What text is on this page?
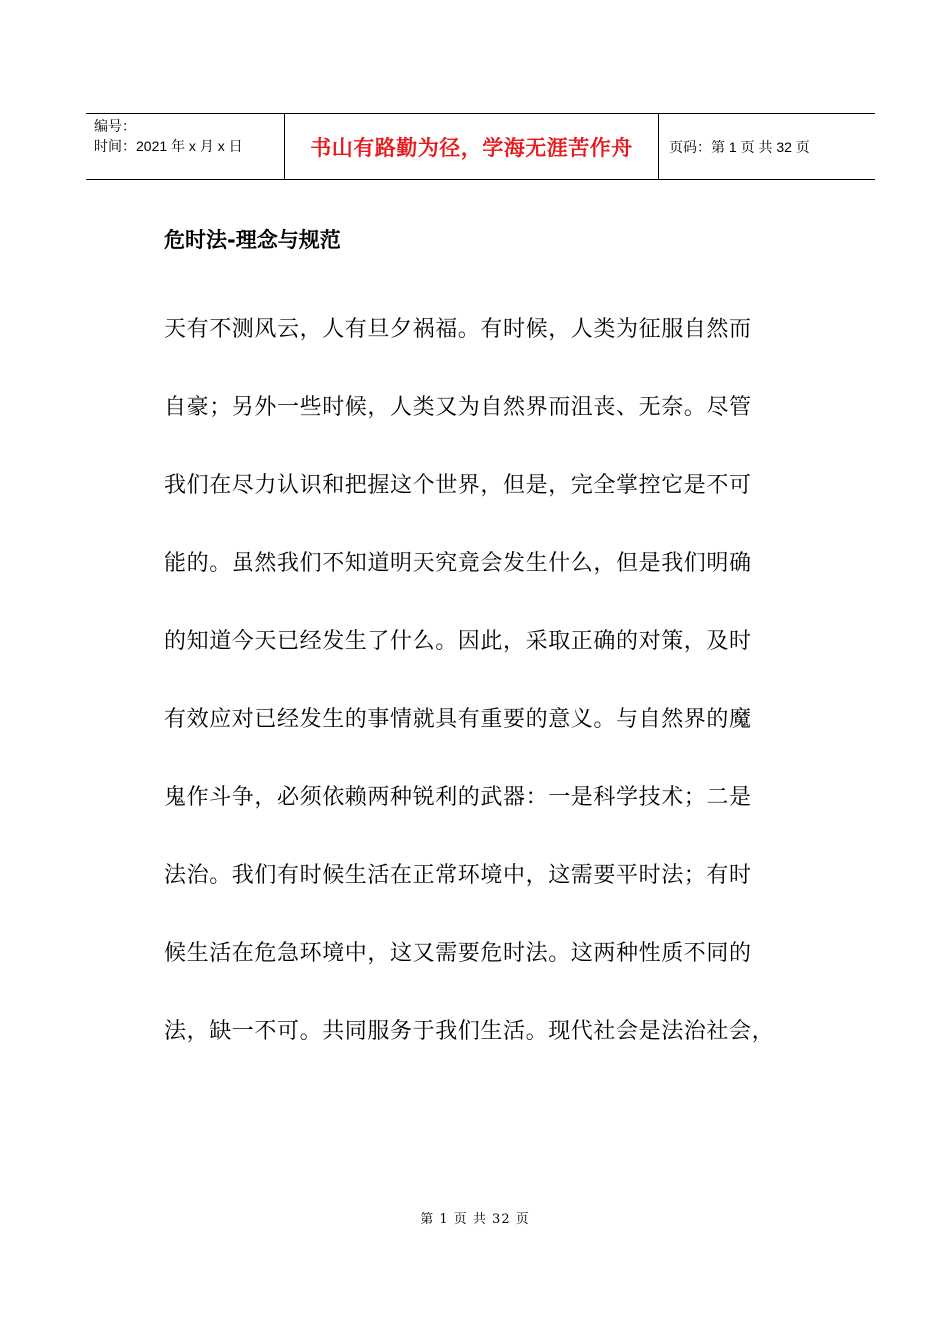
编号：
时间：2021 年 x 月 x 日	书山有路勤为径，学海无涯苦作舟	页码：第 1 页 共 32 页
危时法-理念与规范
天有不测风云，人有旦夕祸福。有时候，人类为征服自然而
自豪；另外一些时候，人类又为自然界而沮丧、无奈。尽管
我们在尽力认识和把握这个世界，但是，完全掌控它是不可
能的。虽然我们不知道明天究竟会发生什么，但是我们明确
的知道今天已经发生了什么。因此，采取正确的对策，及时
有效应对已经发生的事情就具有重要的意义。与自然界的魔
鬼作斗争，必须依赖两种锐利的武器：一是科学技术；二是
法治。我们有时候生活在正常环境中，这需要平时法；有时
候生活在危急环境中，这又需要危时法。这两种性质不同的
法，缺一不可。共同服务于我们生活。现代社会是法治社会，
第 1 页 共 32 页
